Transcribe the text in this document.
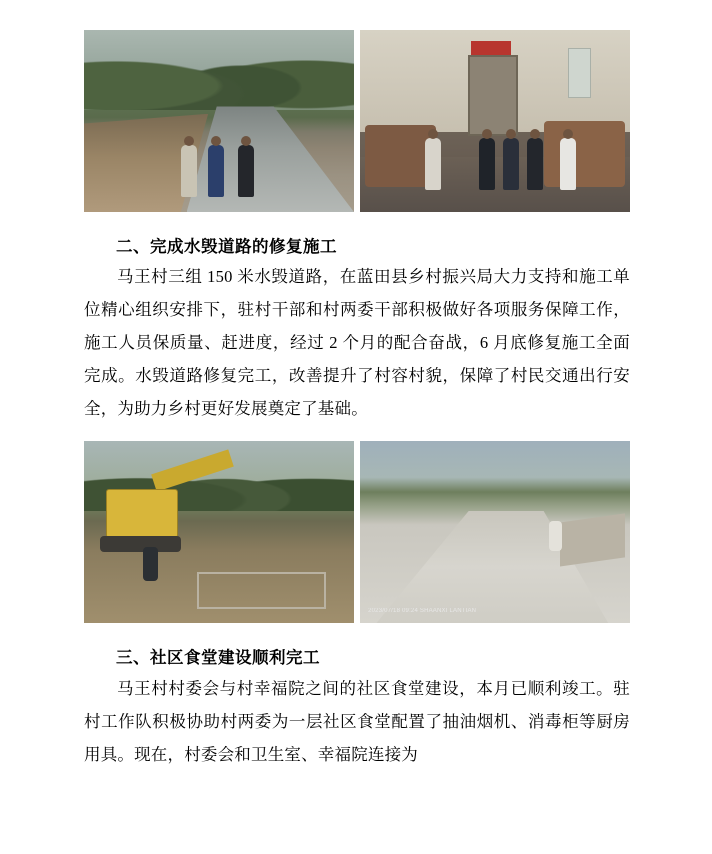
二、完成水毁道路的修复施工

马王村三组 150 米水毁道路，在蓝田县乡村振兴局大力支持和施工单位精心组织安排下，驻村干部和村两委干部积极做好各项服务保障工作，施工人员保质量、赶进度，经过 2 个月的配合奋战，6 月底修复施工全面完成。水毁道路修复完工，改善提升了村容村貌，保障了村民交通出行安全，为助力乡村更好发展奠定了基础。

2023/07/18 09:24 SHAANXI LANTIAN
三、社区食堂建设顺利完工

马王村村委会与村幸福院之间的社区食堂建设，本月已顺利竣工。驻村工作队积极协助村两委为一层社区食堂配置了抽油烟机、消毒柜等厨房用具。现在，村委会和卫生室、幸福院连接为
